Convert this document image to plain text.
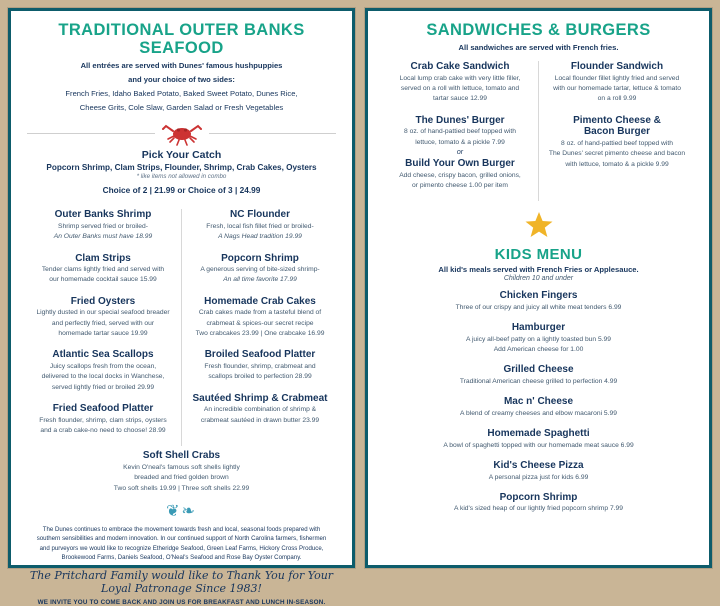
TRADITIONAL OUTER BANKS SEAFOOD
All entrées are served with Dunes' famous hushpuppies
and your choice of two sides:
French Fries, Idaho Baked Potato, Baked Sweet Potato, Dunes Rice,
Cheese Grits, Cole Slaw, Garden Salad or Fresh Vegetables
Pick Your Catch
Popcorn Shrimp, Clam Strips, Flounder, Shrimp, Crab Cakes, Oysters
* like items not allowed in combo
Choice of 2 | 21.99 or Choice of 3 | 24.99
Outer Banks Shrimp
Shrimp served fried or broiled-
An Outer Banks must have 18.99
Clam Strips
Tender clams lightly fried and served with
our homemade cocktail sauce 15.99
Fried Oysters
Lightly dusted in our special seafood breader
and perfectly fried, served with our
homemade tartar sauce 19.99
Atlantic Sea Scallops
Juicy scallops fresh from the ocean,
delivered to the local docks in Wanchese,
served lightly fried or broiled 29.99
Fried Seafood Platter
Fresh flounder, shrimp, clam strips, oysters
and a crab cake-no need to choose! 28.99
NC Flounder
Fresh, local fish fillet fried or broiled-
A Nags Head tradition 19.99
Popcorn Shrimp
A generous serving of bite-sized shrimp-
An all time favorite 17.99
Homemade Crab Cakes
Crab cakes made from a tasteful blend of
crabmeat & spices-our secret recipe
Two crabcakes 23.99 | One crabcake 16.99
Broiled Seafood Platter
Fresh flounder, shrimp, crabmeat and
scallops broiled to perfection 28.99
Sautéed Shrimp & Crabmeat
An incredible combination of shrimp &
crabmeat sautéed in drawn butter 23.99
Soft Shell Crabs
Kevin O'neal's famous soft shells lightly
breaded and fried golden brown
Two soft shells 19.99 | Three soft shells 22.99
❦❧
The Dunes continues to embrace the movement towards fresh and local, seasonal foods prepared with southern sensibilities and modern innovation. In our continued support of North Carolina farmers, fishermen and purveyors we would like to recognize Etheridge Seafood, Green Leaf Farms, Hickory Cross Produce, Brookewood Farms, Daniels Seafood, O'Neal's Seafood and Rose Bay Oyster Company.
The Pritchard Family would like to Thank You for Your Loyal Patronage Since 1983!
WE INVITE YOU TO COME BACK AND JOIN US FOR BREAKFAST AND LUNCH IN-SEASON.
SANDWICHES & BURGERS
All sandwiches are served with French fries.
Crab Cake Sandwich
Local lump crab cake with very little filler,
served on a roll with lettuce, tomato and
tartar sauce 12.99
The Dunes' Burger
8 oz. of hand-pattied beef topped with
lettuce, tomato & a pickle 7.99
or
Build Your Own Burger
Add cheese, crispy bacon, grilled onions,
or pimento cheese 1.00 per item
Flounder Sandwich
Local flounder fillet lightly fried and served
with our homemade tartar, lettuce & tomato
on a roll 9.99
Pimento Cheese &
Bacon Burger
8 oz. of hand-pattied beef topped with
The Dunes' secret pimento cheese and bacon
with lettuce, tomato & a pickle 9.99
KIDS MENU
All kid's meals served with French Fries or Applesauce.
Children 10 and under
Chicken Fingers
Three of our crispy and juicy all white meat tenders 6.99
Hamburger
A juicy all-beef patty on a lightly toasted bun 5.99
Add American cheese for 1.00
Grilled Cheese
Traditional American cheese grilled to perfection 4.99
Mac n' Cheese
A blend of creamy cheeses and elbow macaroni 5.99
Homemade Spaghetti
A bowl of spaghetti topped with our homemade meat sauce 6.99
Kid's Cheese Pizza
A personal pizza just for kids 6.99
Popcorn Shrimp
A kid's sized heap of our lightly fried popcorn shrimp 7.99
